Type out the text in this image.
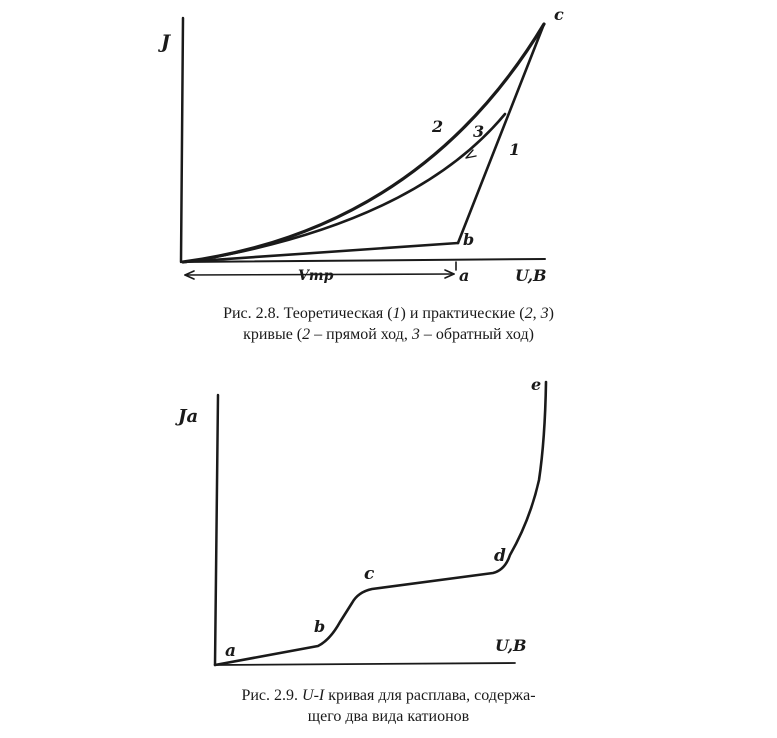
J
c
2 3
1
b
a	U,B
Vmp
Ja
e
d
c
b
a	U,B
Рис. 2.8. Теоретическая (1) и практические (2, 3)
кривые (2 – прямой ход, 3 – обратный ход)
Рис. 2.9. U-I кривая для расплава, содержа-
щего два вида катионов
